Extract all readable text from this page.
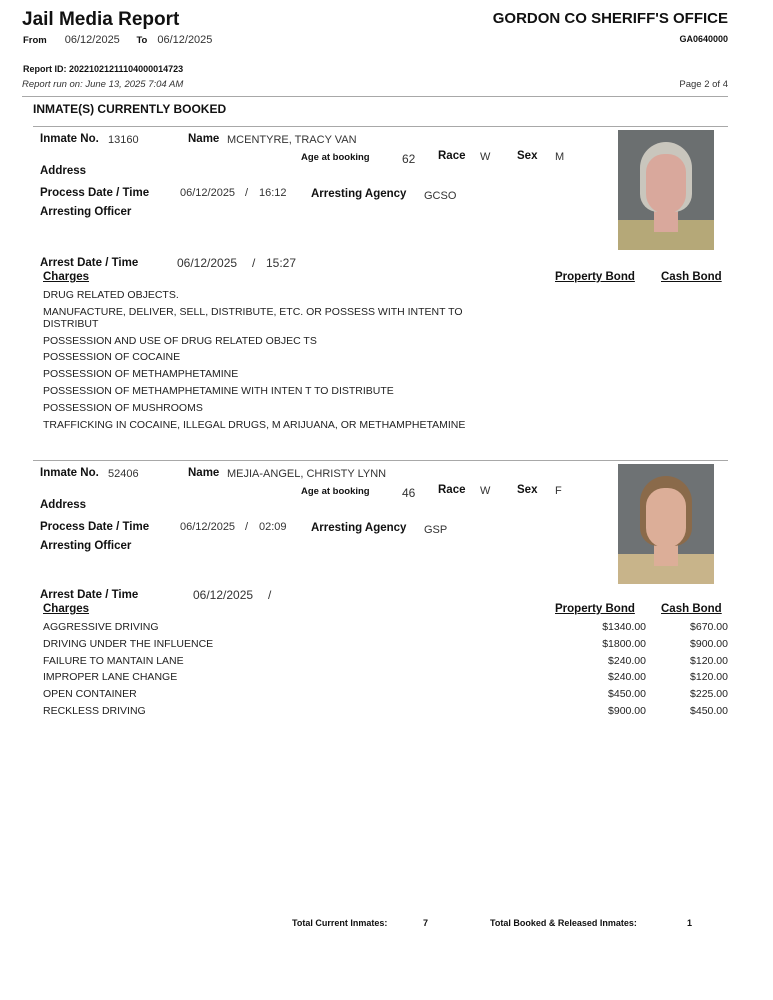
Jail Media Report	GORDON CO SHERIFF'S OFFICE
GA0640000
From 06/12/2025 To 06/12/2025
Report ID: 20221021211104000014723
Report run on: June 13, 2025 7:04 AM	Page 2 of 4
INMATE(S) CURRENTLY BOOKED
Inmate No. 13160	Name MCENTYRE, TRACY VAN
Age at booking	62 Race W Sex M
Address
Process Date / Time	06/12/2025 / 16:12 Arresting Agency GCSO
Arresting Officer
Arrest Date / Time	06/12/2025 / 15:27
Charges	Property Bond Cash Bond
DRUG RELATED OBJECTS.
MANUFACTURE, DELIVER, SELL, DISTRIBUTE, ETC. OR POSSESS WITH INTENT TO
DISTRIBUT
POSSESSION AND USE OF DRUG RELATED OBJEC TS
POSSESSION OF COCAINE
POSSESSION OF METHAMPHETAMINE
POSSESSION OF METHAMPHETAMINE WITH INTEN T TO DISTRIBUTE
POSSESSION OF MUSHROOMS
TRAFFICKING IN COCAINE, ILLEGAL DRUGS, M ARIJUANA, OR METHAMPHETAMINE
Inmate No. 52406	Name MEJIA-ANGEL, CHRISTY LYNN
Age at booking	46 Race W Sex F
Address
Process Date / Time	06/12/2025 / 02:09 Arresting Agency GSP
Arresting Officer
Arrest Date / Time	06/12/2025 /
Charges	Property Bond Cash Bond
AGGRESSIVE DRIVING	$1340.00	$670.00
DRIVING UNDER THE INFLUENCE	$1800.00	$900.00
FAILURE TO MANTAIN LANE	$240.00	$120.00
IMPROPER LANE CHANGE	$240.00	$120.00
OPEN CONTAINER	$450.00	$225.00
RECKLESS DRIVING	$900.00	$450.00
Total Current Inmates:	7	Total Booked & Released Inmates:	1
